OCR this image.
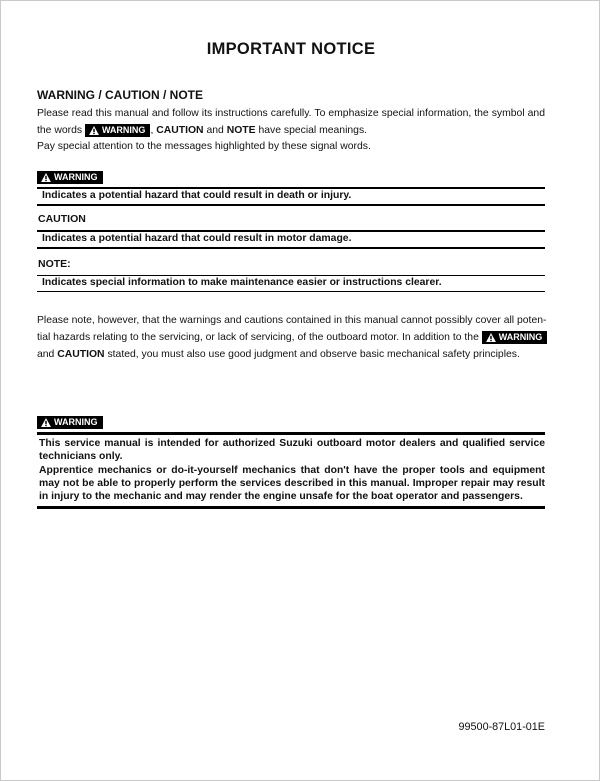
IMPORTANT NOTICE
WARNING / CAUTION / NOTE
Please read this manual and follow its instructions carefully. To emphasize special information, the symbol and
the words WARNING , CAUTION and NOTE have special meanings.
Pay special attention to the messages highlighted by these signal words.
WARNING
Indicates a potential hazard that could result in death or injury.
CAUTION
Indicates a potential hazard that could result in motor damage.
NOTE:
Indicates special information to make maintenance easier or instructions clearer.
Please note, however, that the warnings and cautions contained in this manual cannot possibly cover all poten-
tial hazards relating to the servicing, or lack of servicing, of the outboard motor. In addition to the WARNING
and CAUTION stated, you must also use good judgment and observe basic mechanical safety principles.
WARNING
This service manual is intended for authorized Suzuki outboard motor dealers and qualified service
technicians only.
Apprentice mechanics or do-it-yourself mechanics that don't have the proper tools and equipment
may not be able to properly perform the services described in this manual. Improper repair may result
in injury to the mechanic and may render the engine unsafe for the boat operator and passengers.
99500-87L01-01E
